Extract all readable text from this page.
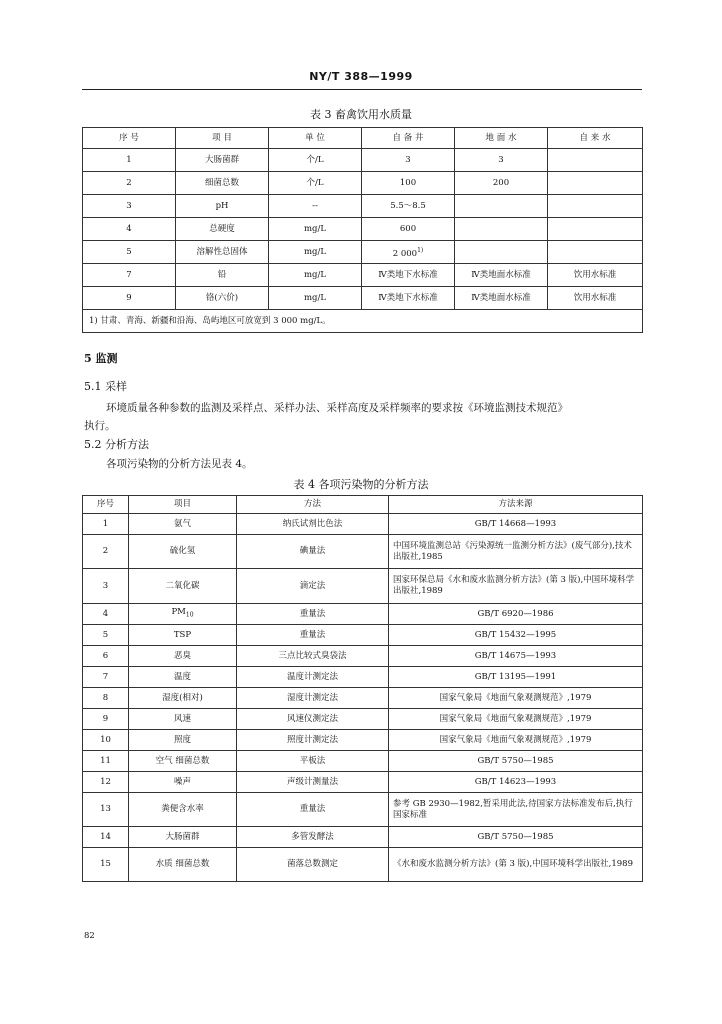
NY/T 388—1999
表 3 畜禽饮用水质量
序 号	项 目	单 位	自 备 井	地 面 水	自 来 水
1	大肠菌群	个/L	3	3	
2	细菌总数	个/L	100	200	
3	pH	--	5.5～8.5		
4	总硬度	mg/L	600		
5	溶解性总固体	mg/L	2 000$^{1)}$		
7	铅	mg/L	Ⅳ类地下水标准	Ⅳ类地面水标准	饮用水标准
9	铬(六价)	mg/L	Ⅳ类地下水标准	Ⅳ类地面水标准	饮用水标准
1) 甘肃、青海、新疆和沿海、岛屿地区可放宽到 3 000 mg/L。					
5 监测
5.1 采样
环境质量各种参数的监测及采样点、采样办法、采样高度及采样频率的要求按《环境监测技术规范》
执行。
5.2 分析方法
各项污染物的分析方法见表 4。
表 4 各项污染物的分析方法
序号	项目	方法	方法来源
1	氨气	纳氏试剂比色法	GB/T 14668—1993
2	硫化氢	碘量法	中国环境监测总站《污染源统一监测分析方法》(废气部分),技术出版社,1985
3	二氧化碳	滴定法	国家环保总局《水和废水监测分析方法》(第 3 版),中国环境科学出版社,1989
4	$PM_{10}$	重量法	GB/T 6920—1986
5	TSP	重量法	GB/T 15432—1995
6	恶臭	三点比较式臭袋法	GB/T 14675—1993
7	温度	温度计测定法	GB/T 13195—1991
8	湿度(相对)	湿度计测定法	国家气象局《地面气象观测规范》,1979
9	风速	风速仪测定法	国家气象局《地面气象观测规范》,1979
10	照度	照度计测定法	国家气象局《地面气象观测规范》,1979
11	空气 细菌总数	平板法	GB/T 5750—1985
12	噪声	声级计测量法	GB/T 14623—1993
13	粪便含水率	重量法	参考 GB 2930—1982,暂采用此法,待国家方法标准发布后,执行国家标准
14	大肠菌群	多管发酵法	GB/T 5750—1985
15	水质 细菌总数	菌落总数测定	《水和废水监测分析方法》(第 3 版),中国环境科学出版社,1989
82
